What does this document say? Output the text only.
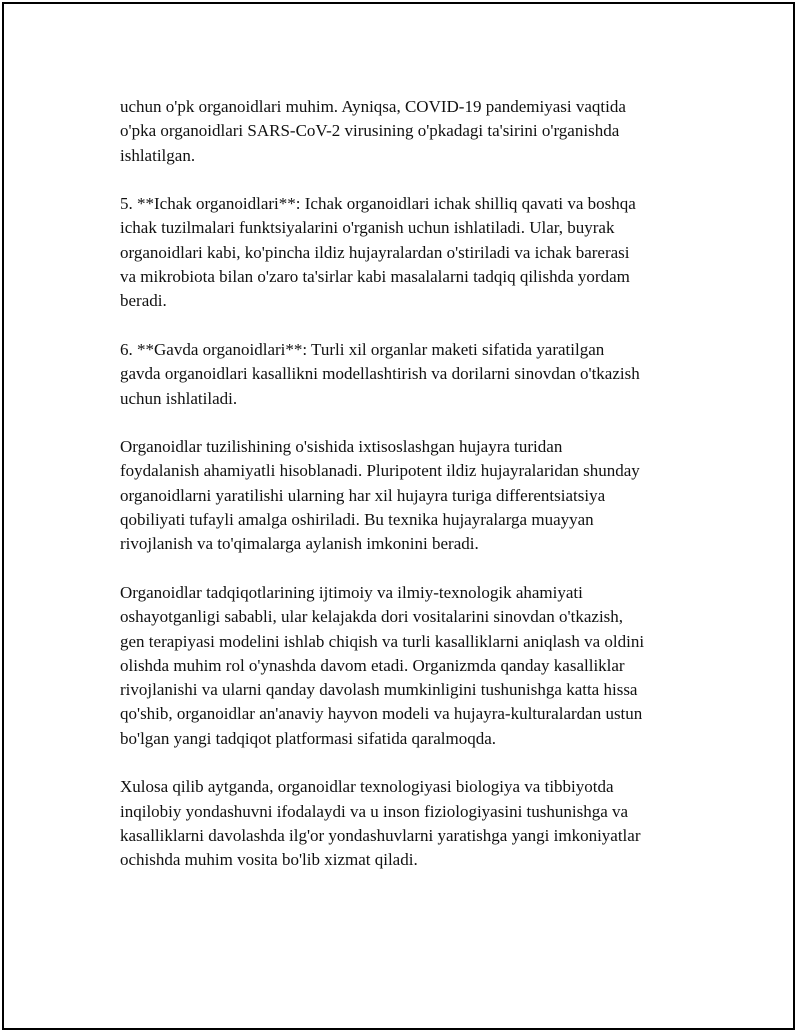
uchun o'pk organoidlari muhim. Ayniqsa, COVID-19 pandemiyasi vaqtida
o'pka organoidlari SARS-CoV-2 virusining o'pkadagi ta'sirini o'rganishda
ishlatilgan.

5. **Ichak organoidlari**: Ichak organoidlari ichak shilliq qavati va boshqa
ichak tuzilmalari funktsiyalarini o'rganish uchun ishlatiladi. Ular, buyrak
organoidlari kabi, ko'pincha ildiz hujayralardan o'stiriladi va ichak barerasi
va mikrobiota bilan o'zaro ta'sirlar kabi masalalarni tadqiq qilishda yordam
beradi.

6. **Gavda organoidlari**: Turli xil organlar maketi sifatida yaratilgan
gavda organoidlari kasallikni modellashtirish va dorilarni sinovdan o'tkazish
uchun ishlatiladi.

Organoidlar tuzilishining o'sishida ixtisoslashgan hujayra turidan
foydalanish ahamiyatli hisoblanadi. Pluripotent ildiz hujayralaridan shunday
organoidlarni yaratilishi ularning har xil hujayra turiga differentsiatsiya
qobiliyati tufayli amalga oshiriladi. Bu texnika hujayralarga muayyan
rivojlanish va to'qimalarga aylanish imkonini beradi.

Organoidlar tadqiqotlarining ijtimoiy va ilmiy-texnologik ahamiyati
oshayotganligi sababli, ular kelajakda dori vositalarini sinovdan o'tkazish,
gen terapiyasi modelini ishlab chiqish va turli kasalliklarni aniqlash va oldini
olishda muhim rol o'ynashda davom etadi. Organizmda qanday kasalliklar
rivojlanishi va ularni qanday davolash mumkinligini tushunishga katta hissa
qo'shib, organoidlar an'anaviy hayvon modeli va hujayra-kulturalardan ustun
bo'lgan yangi tadqiqot platformasi sifatida qaralmoqda.

Xulosa qilib aytganda, organoidlar texnologiyasi biologiya va tibbiyotda
inqilobiy yondashuvni ifodalaydi va u inson fiziologiyasini tushunishga va
kasalliklarni davolashda ilg'or yondashuvlarni yaratishga yangi imkoniyatlar
ochishda muhim vosita bo'lib xizmat qiladi.
